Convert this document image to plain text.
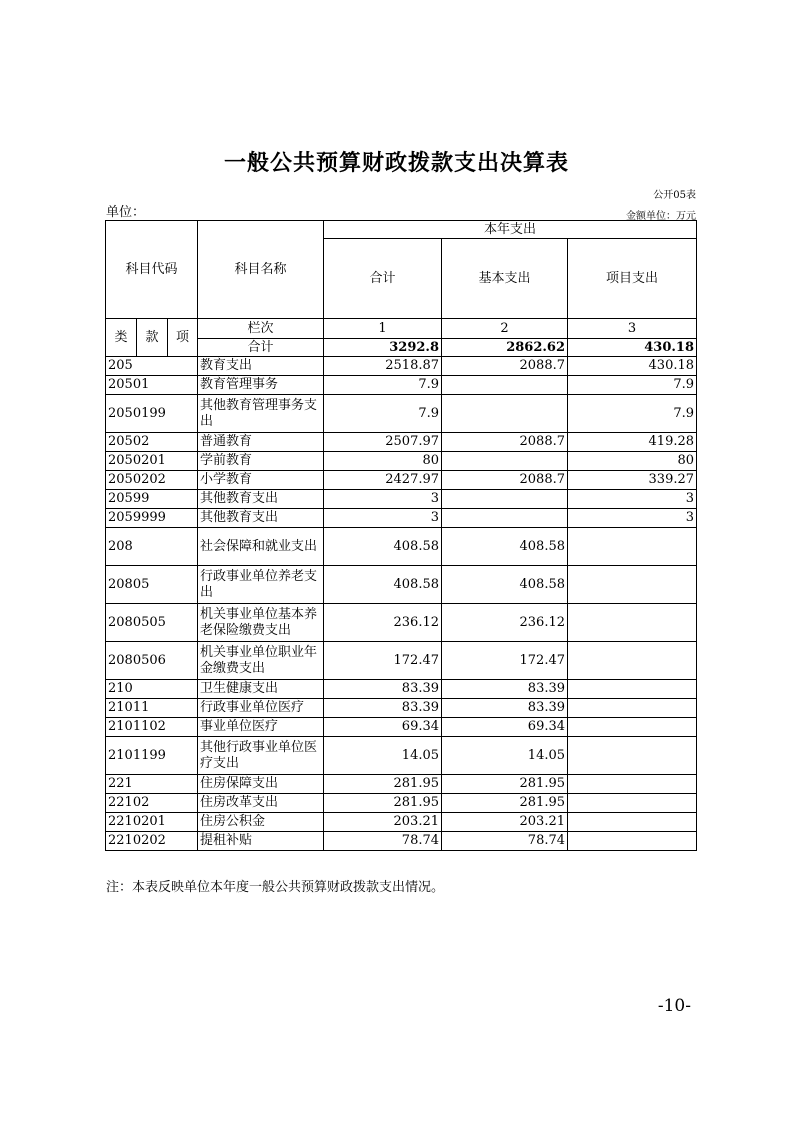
一般公共预算财政拨款支出决算表
公开05表
单位：	金额单位：万元
科目代码			科目名称	本年支出		
				合计	基本支出	项目支出
类	款	项	栏次	1	2	3
			合计	3292.8	2862.62	430.18
205			教育支出	2518.87	2088.7	430.18
20501			教育管理事务	7.9		7.9
2050199			其他教育管理事务支出	7.9		7.9
20502			普通教育	2507.97	2088.7	419.28
2050201			学前教育	80		80
2050202			小学教育	2427.97	2088.7	339.27
20599			其他教育支出	3		3
2059999			其他教育支出	3		3
208			社会保障和就业支出	408.58	408.58	
20805			行政事业单位养老支出	408.58	408.58	
2080505			机关事业单位基本养老保险缴费支出	236.12	236.12	
2080506			机关事业单位职业年金缴费支出	172.47	172.47	
210			卫生健康支出	83.39	83.39	
21011			行政事业单位医疗	83.39	83.39	
2101102			事业单位医疗	69.34	69.34	
2101199			其他行政事业单位医疗支出	14.05	14.05	
221			住房保障支出	281.95	281.95	
22102			住房改革支出	281.95	281.95	
2210201			住房公积金	203.21	203.21	
2210202			提租补贴	78.74	78.74	
注：本表反映单位本年度一般公共预算财政拨款支出情况。
-10-
